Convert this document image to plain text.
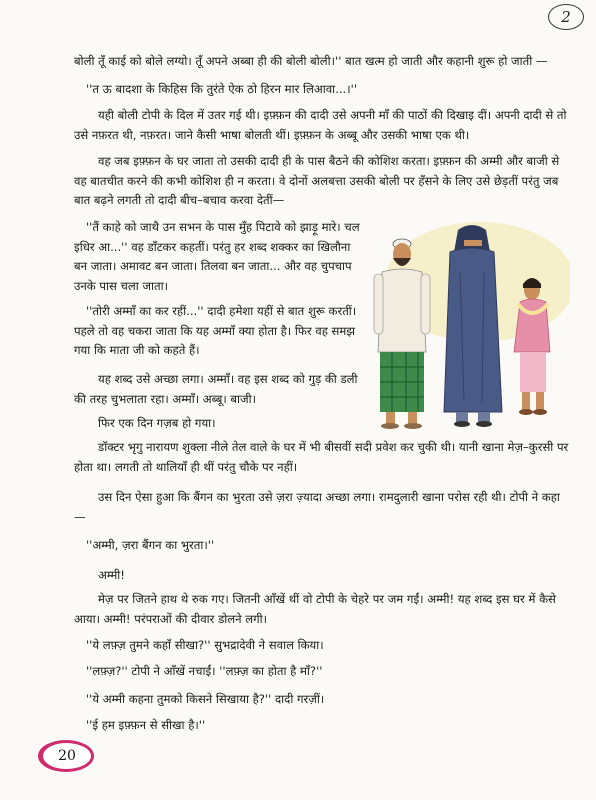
2

बोली तूँ काई को बोले लग्यो। तूँ अपने अब्बा ही की बोली बोली।'' बात खत्म हो जाती और कहानी शुरू हो जाती —

''त ऊ बादशा के किहिस कि तुरंते ऐक ठो हिरन मार लिआवा...।''

यही बोली टोपी के दिल में उतर गई थी। इफ़्फ़न की दादी उसे अपनी माँ की पाठों की दिखाइ दीं। अपनी दादी से तो उसे नफ़रत थी, नफ़रत। जाने कैसी भाषा बोलती थीं। इफ़्फ़न के अब्बू और उसकी भाषा एक थी।

वह जब इफ़्फ़न के घर जाता तो उसकी दादी ही के पास बैठने की कोशिश करता। इफ़्फ़न की अम्मी और बाजी से वह बातचीत करने की कभी कोशिश ही न करता। वे दोनों अलबत्ता उसकी बोली पर हँसने के लिए उसे छेड़तीं परंतु जब बात बढ़ने लगती तो दादी बीच–बचाव करवा देतीं—

''तैं काहे को जाथै उन सभन के पास मुँह पिटावे को झाड़ू मारे। चल इधिर आ...'' वह डाँटकर कहतीं। परंतु हर शब्द शक्कर का खिलौना बन जाता। अमावट बन जाता। तिलवा बन जाता... और वह चुपचाप उनके पास चला जाता।

''तोरी अम्माँ का कर रहीं...'' दादी हमेशा यहीं से बात शुरू करतीं। पहले तो वह चकरा जाता कि यह अम्माँ क्या होता है। फिर वह समझ गया कि माता जी को कहते हैं।

यह शब्द उसे अच्छा लगा। अम्माँ। वह इस शब्द को गुड़ की डली की तरह चुभलाता रहा। अम्माँ। अब्बू। बाजी।

फिर एक दिन गज़ब हो गया।

डॉक्टर भृगु नारायण शुक्ला नीले तेल वाले के घर में भी बीसवीं सदी प्रवेश कर चुकी थी। यानी खाना मेज़–कुरसी पर होता था। लगती तो थालियाँ ही थीं परंतु चौके पर नहीं।

उस दिन ऐसा हुआ कि बैंगन का भुरता उसे ज़रा ज़्यादा अच्छा लगा। रामदुलारी खाना परोस रही थी। टोपी ने कहा —

''अम्मी, ज़रा बैंगन का भुरता।''

अम्मी!

मेज़ पर जितने हाथ थे रुक गए। जितनी आँखें थीं वो टोपी के चेहरे पर जम गईं। अम्मी! यह शब्द इस घर में कैसे आया। अम्मी! परंपराओं की दीवार डोलने लगी।

''ये लफ़्ज़ तुमने कहाँ सीखा?'' सुभद्रादेवी ने सवाल किया।

''लफ़्ज़?'' टोपी ने आँखें नचाईं। ''लफ़्ज़ का होता है माँ?''

''ये अम्मी कहना तुमको किसने सिखाया है?'' दादी गरज़ीं।

''ई हम इफ़्फ़न से सीखा है।''

20
